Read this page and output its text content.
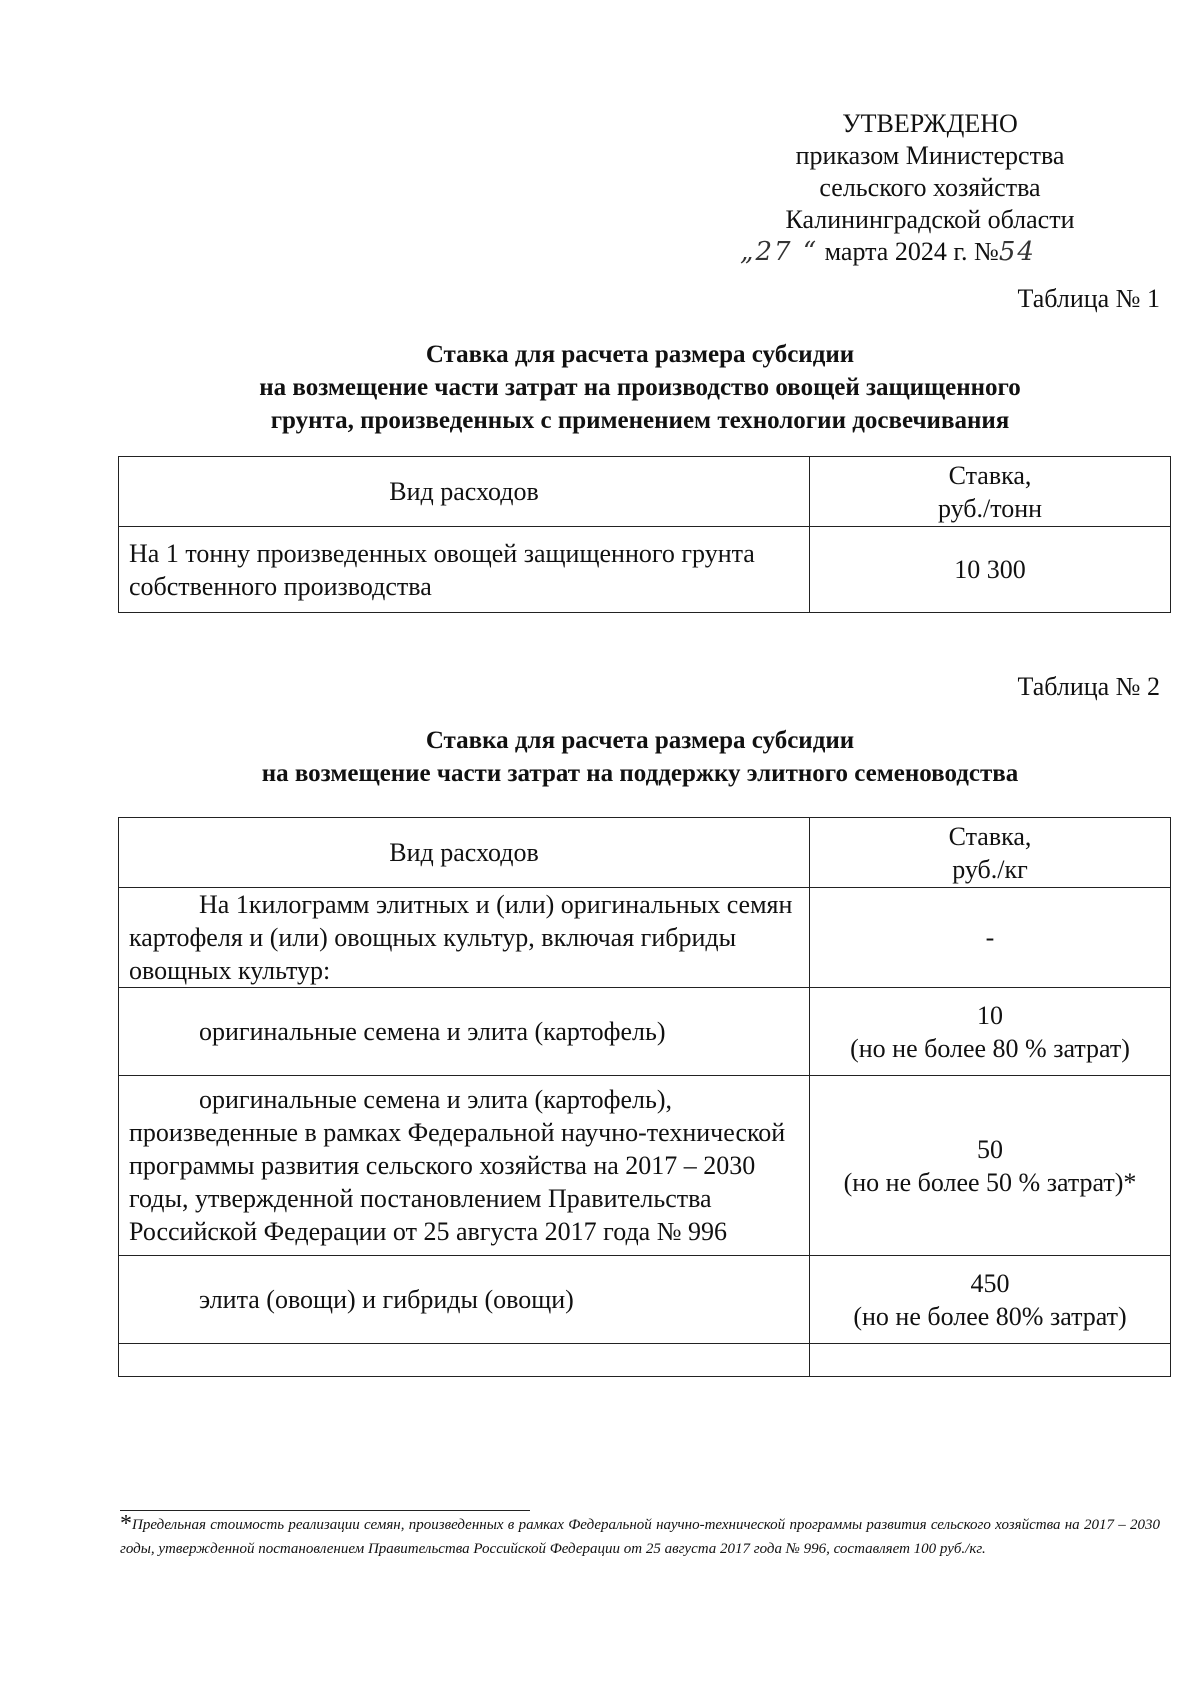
УТВЕРЖДЕНО
приказом Министерства
сельского хозяйства
Калининградской области
„27 “ марта 2024 г. №54
Таблица № 1
Ставка для расчета размера субсидии
на возмещение части затрат на производство овощей защищенного
грунта, произведенных с применением технологии досвечивания
Вид расходов	Ставка,
руб./тонн

На 1 тонну произведенных овощей защищенного грунта собственного производства	10 300
Таблица № 2
Ставка для расчета размера субсидии
на возмещение части затрат на поддержку элитного семеноводства
Вид расходов	Ставка,
руб./кг

На 1килограмм элитных и (или) оригинальных семян картофеля и (или) овощных культур, включая гибриды овощных культур:	-
оригинальные семена и элита (картофель)	10
(но не более 80 % затрат)

оригинальные семена и элита (картофель), произведенные в рамках Федеральной научно-технической программы развития сельского хозяйства на 2017 – 2030 годы, утвержденной постановлением Правительства Российской Федерации от 25 августа 2017 года № 996	50
(но не более 50 % затрат)*

элита (овощи) и гибриды (овощи)	450
(но не более 80% затрат)

*Предельная стоимость реализации семян, произведенных в рамках Федеральной научно-технической программы развития сельского хозяйства на 2017 – 2030 годы, утвержденной постановлением Правительства Российской Федерации от 25 августа 2017 года № 996, составляет 100 руб./кг.
